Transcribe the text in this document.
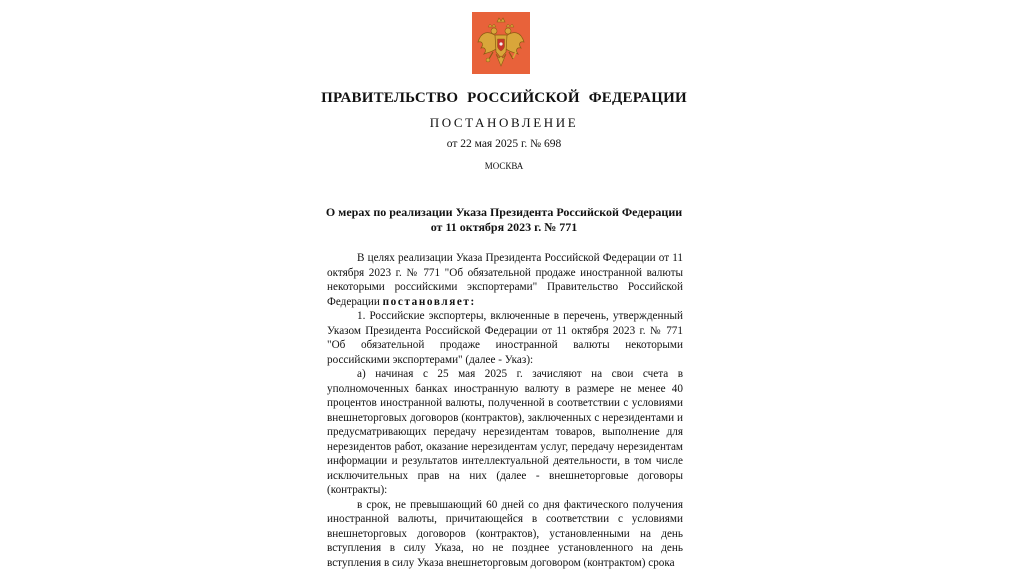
ПРАВИТЕЛЬСТВО РОССИЙСКОЙ ФЕДЕРАЦИИ
ПОСТАНОВЛЕНИЕ
от 22 мая 2025 г. № 698
МОСКВА
О мерах по реализации Указа Президента Российской Федерации
от 11 октября 2023 г. № 771

В целях реализации Указа Президента Российской Федерации от 11 октября 2023 г. № 771 "Об обязательной продаже иностранной валюты некоторыми российскими экспортерами" Правительство Российской Федерации постановляет:

1. Российские экспортеры, включенные в перечень, утвержденный Указом Президента Российской Федерации от 11 октября 2023 г. № 771 "Об обязательной продаже иностранной валюты некоторыми российскими экспортерами" (далее - Указ):

а) начиная с 25 мая 2025 г. зачисляют на свои счета в уполномоченных банках иностранную валюту в размере не менее 40 процентов иностранной валюты, полученной в соответствии с условиями внешнеторговых договоров (контрактов), заключенных с нерезидентами и предусматривающих передачу нерезидентам товаров, выполнение для нерезидентов работ, оказание нерезидентам услуг, передачу нерезидентам информации и результатов интеллектуальной деятельности, в том числе исключительных прав на них (далее - внешнеторговые договоры (контракты):

в срок, не превышающий 60 дней со дня фактического получения иностранной валюты, причитающейся в соответствии с условиями внешнеторговых договоров (контрактов), установленными на день вступления в силу Указа, но не позднее установленного на день вступления в силу Указа внешнеторговым договором (контрактом) срока
